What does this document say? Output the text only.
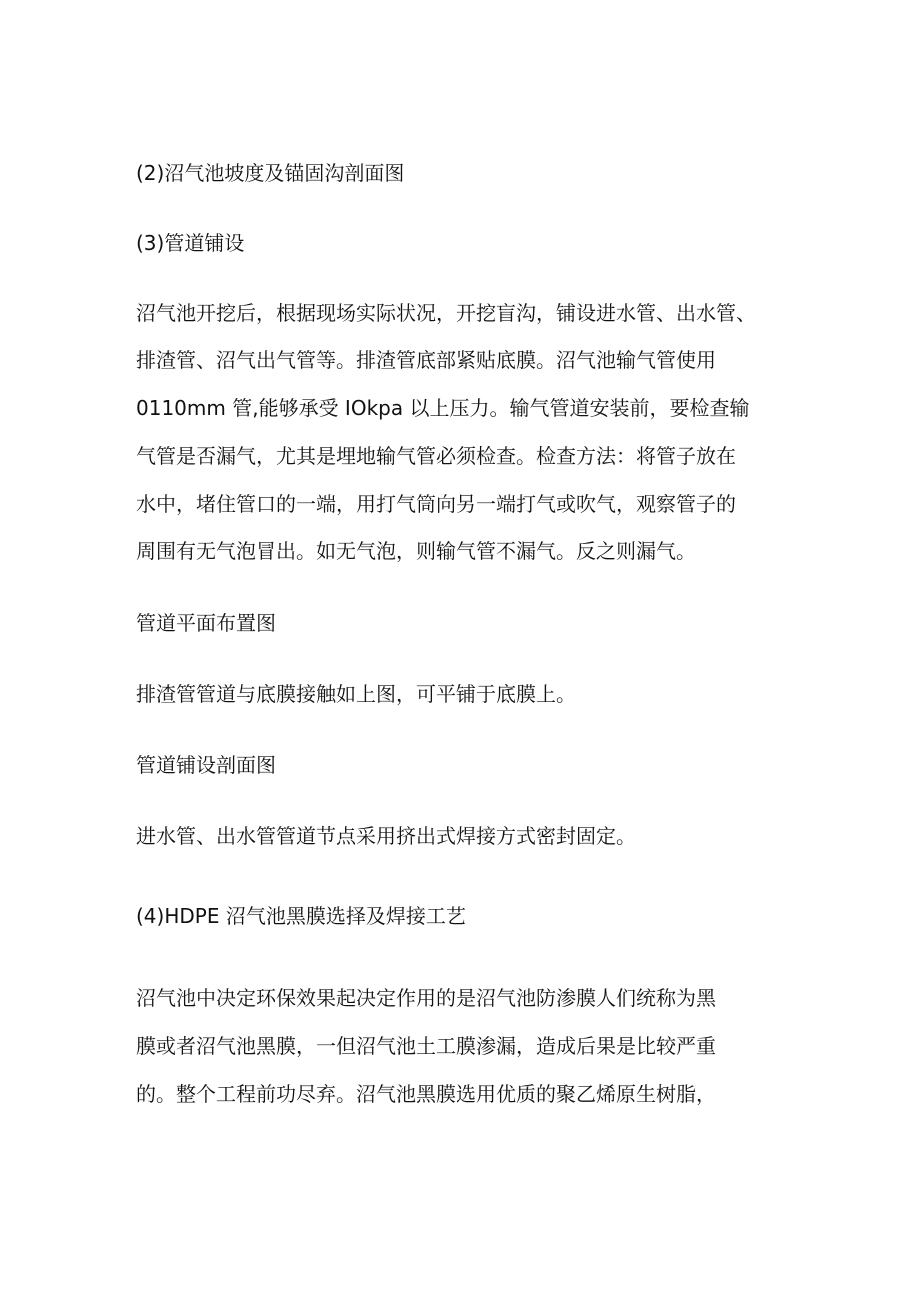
(2)沼气池坡度及锚固沟剖面图
(3)管道铺设
沼气池开挖后，根据现场实际状况，开挖盲沟，铺设进水管、出水管、
排渣管、沼气出气管等。排渣管底部紧贴底膜。沼气池输气管使用
0110mm 管,能够承受 IOkpa 以上压力。输气管道安装前，要检查输
气管是否漏气，尤其是埋地输气管必须检查。检查方法：将管子放在
水中，堵住管口的一端，用打气筒向另一端打气或吹气，观察管子的
周围有无气泡冒出。如无气泡，则输气管不漏气。反之则漏气。
管道平面布置图
排渣管管道与底膜接触如上图，可平铺于底膜上。
管道铺设剖面图
进水管、出水管管道节点采用挤出式焊接方式密封固定。
(4)HDPE 沼气池黑膜选择及焊接工艺
沼气池中决定环保效果起决定作用的是沼气池防渗膜人们统称为黑
膜或者沼气池黑膜，一但沼气池土工膜渗漏，造成后果是比较严重
的。整个工程前功尽弃。沼气池黑膜选用优质的聚乙烯原生树脂，
